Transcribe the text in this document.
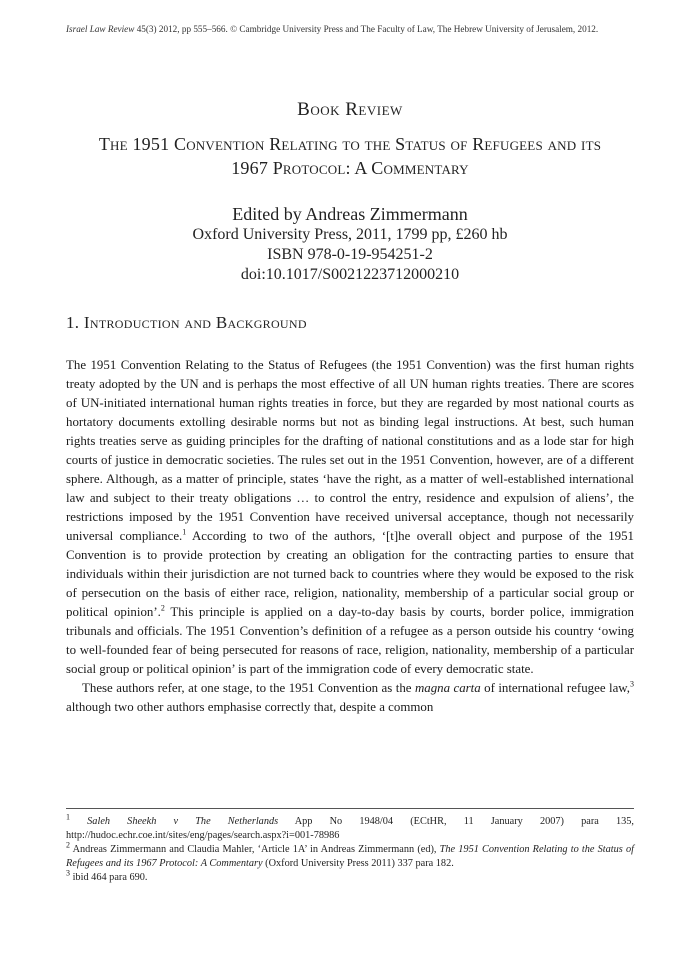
Israel Law Review 45(3) 2012, pp 555–566. © Cambridge University Press and The Faculty of Law, The Hebrew University of Jerusalem, 2012.
Book Review
The 1951 Convention Relating to the Status of Refugees and its
1967 Protocol: A Commentary
Edited by Andreas Zimmermann
Oxford University Press, 2011, 1799 pp, £260 hb
ISBN 978-0-19-954251-2
doi:10.1017/S0021223712000210
1. Introduction and Background

The 1951 Convention Relating to the Status of Refugees (the 1951 Convention) was the first human rights treaty adopted by the UN and is perhaps the most effective of all UN human rights treaties. There are scores of UN-initiated international human rights treaties in force, but they are regarded by most national courts as hortatory documents extolling desirable norms but not as binding legal instructions. At best, such human rights treaties serve as guiding principles for the drafting of national constitutions and as a lode star for high courts of justice in democratic societies. The rules set out in the 1951 Convention, however, are of a different sphere. Although, as a matter of principle, states ‘have the right, as a matter of well-established international law and subject to their treaty obligations … to control the entry, residence and expulsion of aliens’, the restrictions imposed by the 1951 Convention have received universal acceptance, though not necessarily universal compliance.$^1$ According to two of the authors, ‘[t]he overall object and purpose of the 1951 Convention is to provide protection by creating an obligation for the contracting parties to ensure that individuals within their jurisdiction are not turned back to countries where they would be exposed to the risk of persecution on the basis of either race, religion, nationality, membership of a particular social group or political opinion’.$^2$ This principle is applied on a day-to-day basis by courts, border police, immigration tribunals and officials. The 1951 Convention’s definition of a refugee as a person outside his country ‘owing to well-founded fear of being persecuted for reasons of race, religion, nationality, membership of a particular social group or political opinion’ is part of the immigration code of every democratic state.

These authors refer, at one stage, to the 1951 Convention as the magna carta of international refugee law,$^3$ although two other authors emphasise correctly that, despite a common

$^1$ Saleh Sheekh v The Netherlands App No 1948/04 (ECtHR, 11 January 2007) para 135, http://hudoc.echr.coe.int/sites/eng/pages/search.aspx?i=001-78986

$^2$ Andreas Zimmermann and Claudia Mahler, ‘Article 1A’ in Andreas Zimmermann (ed), The 1951 Convention Relating to the Status of Refugees and its 1967 Protocol: A Commentary (Oxford University Press 2011) 337 para 182.

$^3$ ibid 464 para 690.
